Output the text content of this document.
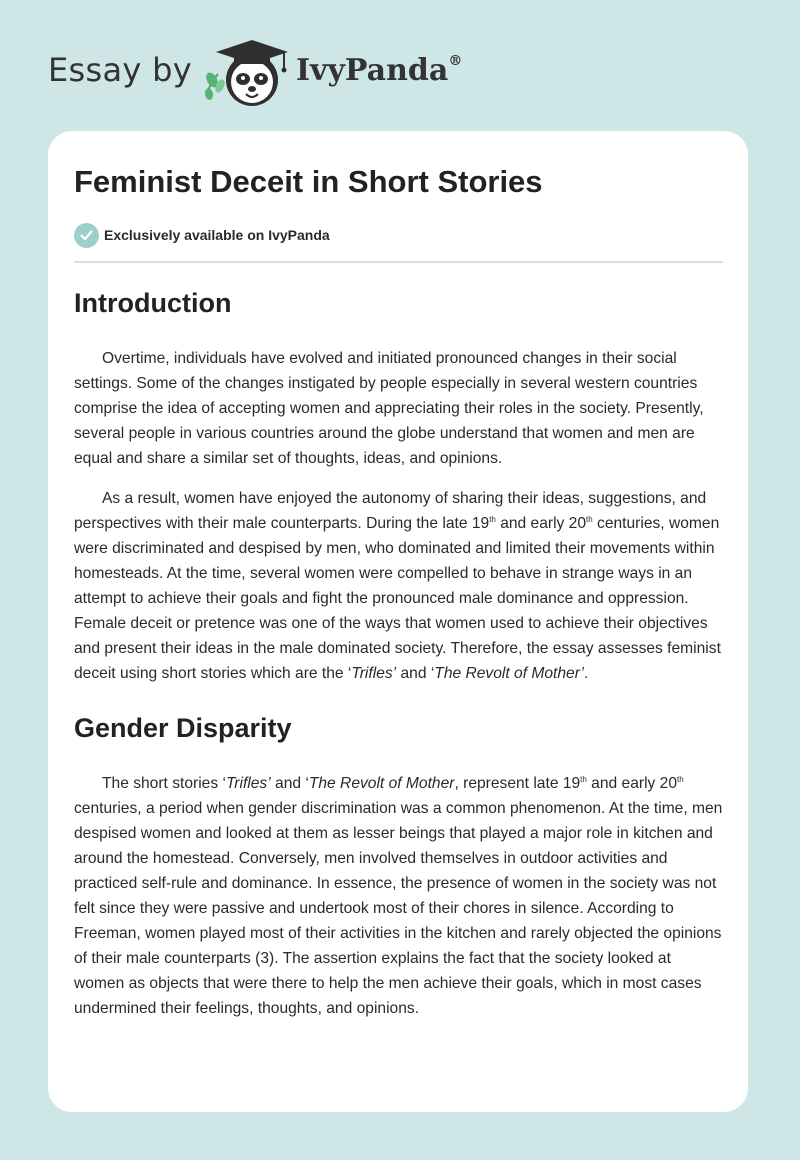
Essay by	IvyPanda®
Feminist Deceit in Short Stories
Exclusively available on IvyPanda
Introduction

Overtime, individuals have evolved and initiated pronounced changes in their social settings. Some of the changes instigated by people especially in several western countries comprise the idea of accepting women and appreciating their roles in the society. Presently, several people in various countries around the globe understand that women and men are equal and share a similar set of thoughts, ideas, and opinions.

As a result, women have enjoyed the autonomy of sharing their ideas, suggestions, and perspectives with their male counterparts. During the late 19th and early 20th centuries, women were discriminated and despised by men, who dominated and limited their movements within homesteads. At the time, several women were compelled to behave in strange ways in an attempt to achieve their goals and fight the pronounced male dominance and oppression. Female deceit or pretence was one of the ways that women used to achieve their objectives and present their ideas in the male dominated society. Therefore, the essay assesses feminist deceit using short stories which are the ‘Trifles’ and ‘The Revolt of Mother’.

Gender Disparity

The short stories ‘Trifles’ and ‘The Revolt of Mother, represent late 19th and early 20th centuries, a period when gender discrimination was a common phenomenon. At the time, men despised women and looked at them as lesser beings that played a major role in kitchen and around the homestead. Conversely, men involved themselves in outdoor activities and practiced self-rule and dominance. In essence, the presence of women in the society was not felt since they were passive and undertook most of their chores in silence. According to Freeman, women played most of their activities in the kitchen and rarely objected the opinions of their male counterparts (3). The assertion explains the fact that the society looked at women as objects that were there to help the men achieve their goals, which in most cases undermined their feelings, thoughts, and opinions.
